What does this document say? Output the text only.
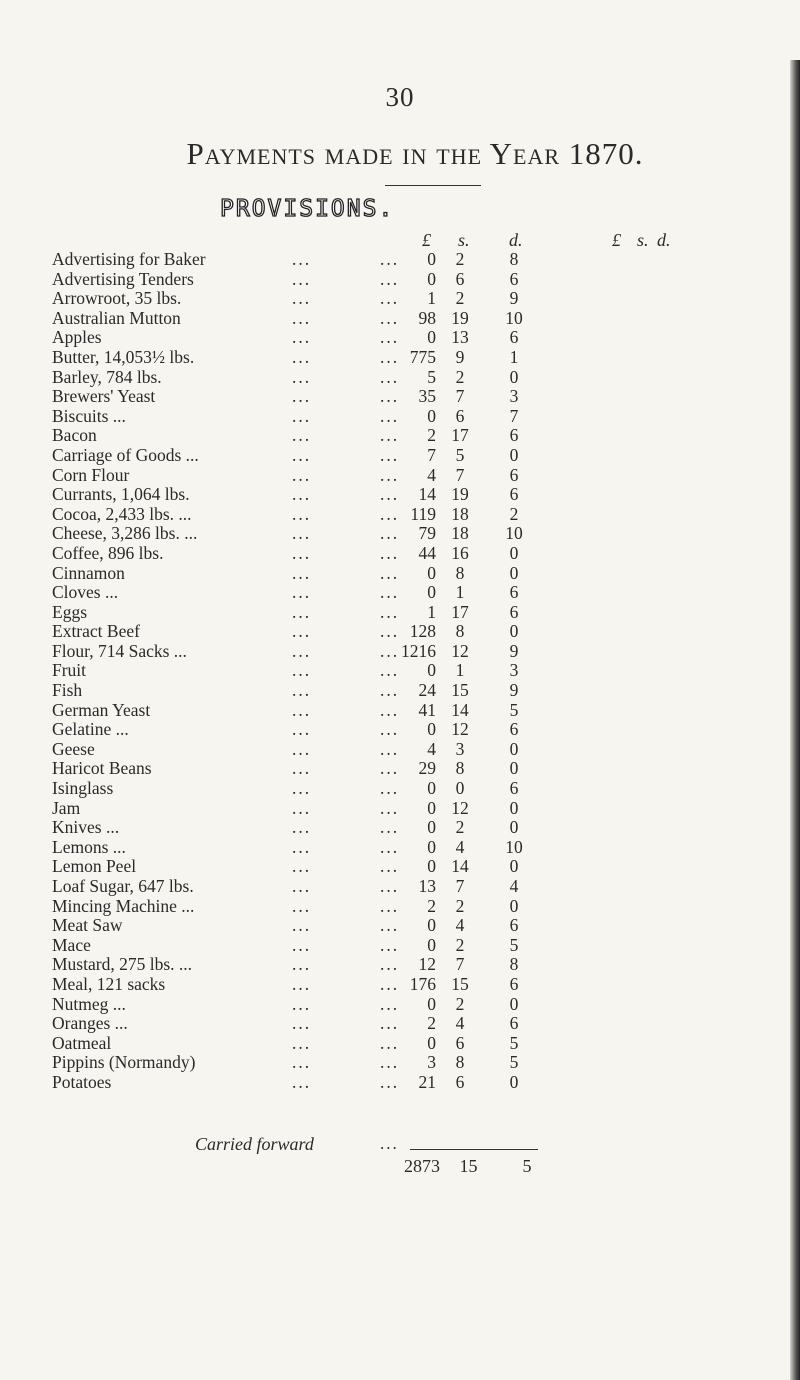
30
Payments made in the Year 1870.
PROVISIONS.
£ s. d.	£ s. d.
Advertising for Baker	...	... 0	2	8
Advertising Tenders	...	... 0	6	6
Arrowroot, 35 lbs.	...	... 1	2	9
Australian Mutton	...	... 98 19	10
Apples	...	... 0 13	6
Butter, 14,053½ lbs.	...	... 775	9	1
Barley, 784 lbs.	...	... 5	2	0
Brewers' Yeast	...	... 35	7	3
Biscuits ...	...	... 0	6	7
Bacon	...	... 2 17	6
Carriage of Goods ...	...	... 7	5	0
Corn Flour	...	... 4	7	6
Currants, 1,064 lbs.	...	... 14 19	6
Cocoa, 2,433 lbs. ...	...	... 119 18	2
Cheese, 3,286 lbs. ...	...	... 79 18	10
Coffee, 896 lbs.	...	... 44 16	0
Cinnamon	...	... 0	8	0
Cloves ...	...	... 0	1	6
Eggs	...	... 1 17	6
Extract Beef	...	... 128	8	0
Flour, 714 Sacks ...	...	... 1216 12	9
Fruit	...	... 0	1	3
Fish	...	... 24 15	9
German Yeast	...	... 41 14	5
Gelatine ...	...	... 0 12	6
Geese	...	... 4	3	0
Haricot Beans	...	... 29	8	0
Isinglass	...	... 0	0	6
Jam	...	... 0 12	0
Knives ...	...	... 0	2	0
Lemons ...	...	... 0	4	10
Lemon Peel	...	... 0 14	0
Loaf Sugar, 647 lbs.	...	... 13	7	4
Mincing Machine ...	...	... 2	2	0
Meat Saw	...	... 0	4	6
Mace	...	... 0	2	5
Mustard, 275 lbs. ...	...	... 12	7	8
Meal, 121 sacks	...	... 176 15	6
Nutmeg ...	...	... 0	2	0
Oranges ...	...	... 2	4	6
Oatmeal	...	... 0	6	5
Pippins (Normandy)	...	... 3	8	5
Potatoes	...	... 21	6	0
Carried forward	...
2873 15	5
